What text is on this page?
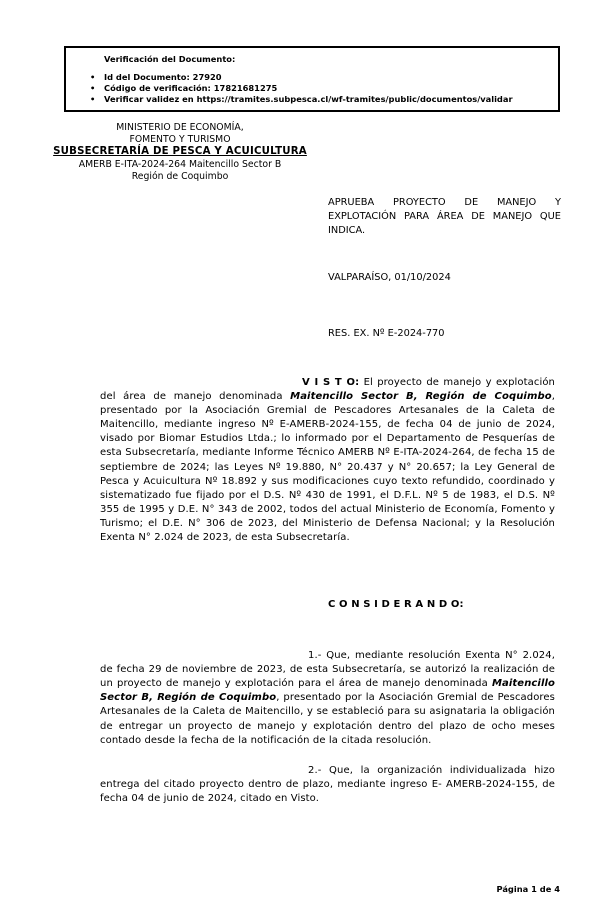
Verificación del Documento:
• Id del Documento: 27920
• Código de verificación: 17821681275
• Verificar validez en https://tramites.subpesca.cl/wf-tramites/public/documentos/validar
MINISTERIO DE ECONOMÍA,
FOMENTO Y TURISMO
SUBSECRETARÍA DE PESCA Y ACUICULTURA
AMERB E-ITA-2024-264 Maitencillo Sector B
Región de Coquimbo
APRUEBA PROYECTO DE MANEJO Y EXPLOTACIÓN PARA ÁREA DE MANEJO QUE INDICA.
VALPARAÍSO, 01/10/2024
RES. EX. Nº E-2024-770

V I S T O: El proyecto de manejo y explotación del área de manejo denominada Maitencillo Sector B, Región de Coquimbo, presentado por la Asociación Gremial de Pescadores Artesanales de la Caleta de Maitencillo, mediante ingreso Nº E-AMERB-2024-155, de fecha 04 de junio de 2024, visado por Biomar Estudios Ltda.; lo informado por el Departamento de Pesquerías de esta Subsecretaría, mediante Informe Técnico AMERB Nº E-ITA-2024-264, de fecha 15 de septiembre de 2024; las Leyes Nº 19.880, N° 20.437 y N° 20.657; la Ley General de Pesca y Acuicultura Nº 18.892 y sus modificaciones cuyo texto refundido, coordinado y sistematizado fue fijado por el D.S. Nº 430 de 1991, el D.F.L. Nº 5 de 1983, el D.S. Nº 355 de 1995 y D.E. N° 343 de 2002, todos del actual Ministerio de Economía, Fomento y Turismo; el D.E. N° 306 de 2023, del Ministerio de Defensa Nacional; y la Resolución Exenta N° 2.024 de 2023, de esta Subsecretaría.

C O N S I D E R A N D O:

1.- Que, mediante resolución Exenta N° 2.024, de fecha 29 de noviembre de 2023, de esta Subsecretaría, se autorizó la realización de un proyecto de manejo y explotación para el área de manejo denominada Maitencillo Sector B, Región de Coquimbo, presentado por la Asociación Gremial de Pescadores Artesanales de la Caleta de Maitencillo, y se estableció para su asignataria la obligación de entregar un proyecto de manejo y explotación dentro del plazo de ocho meses contado desde la fecha de la notificación de la citada resolución.

2.- Que, la organización individualizada hizo entrega del citado proyecto dentro de plazo, mediante ingreso E- AMERB-2024-155, de fecha 04 de junio de 2024, citado en Visto.

Página 1 de 4
